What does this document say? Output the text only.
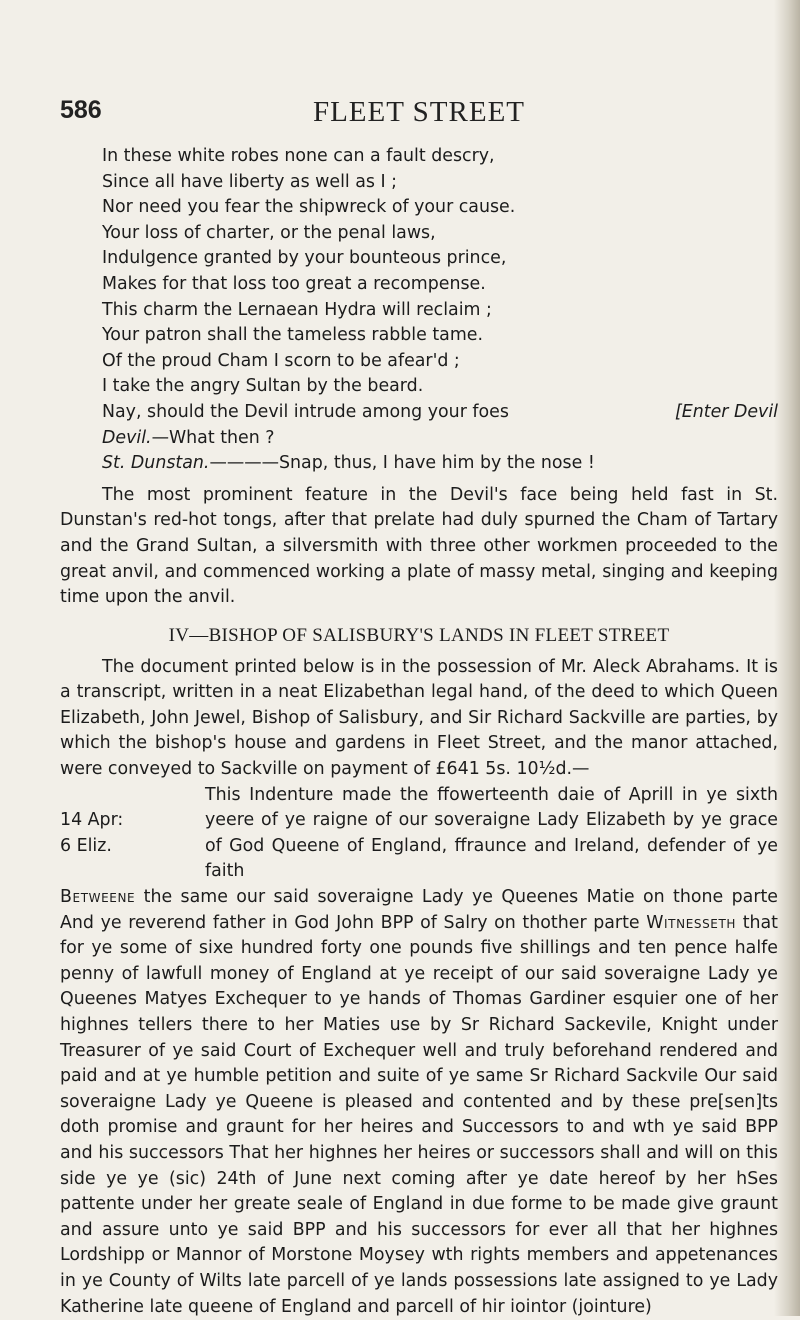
586	FLEET STREET
In these white robes none can a fault descry,
Since all have liberty as well as I ;
Nor need you fear the shipwreck of your cause.
Your loss of charter, or the penal laws,
Indulgence granted by your bounteous prince,
Makes for that loss too great a recompense.
This charm the Lernaean Hydra will reclaim ;
Your patron shall the tameless rabble tame.
Of the proud Cham I scorn to be afear'd ;
I take the angry Sultan by the beard.
Nay, should the Devil intrude among your foes	[Enter Devil
Devil.—What then ?
St. Dunstan.————Snap, thus, I have him by the nose !

The most prominent feature in the Devil's face being held fast in St. Dunstan's red-hot tongs, after that prelate had duly spurned the Cham of Tartary and the Grand Sultan, a silversmith with three other workmen proceeded to the great anvil, and commenced working a plate of massy metal, singing and keeping time upon the anvil.

IV—BISHOP OF SALISBURY'S LANDS IN FLEET STREET

The document printed below is in the possession of Mr. Aleck Abrahams. It is a transcript, written in a neat Elizabethan legal hand, of the deed to which Queen Elizabeth, John Jewel, Bishop of Salisbury, and Sir Richard Sackville are parties, by which the bishop's house and gardens in Fleet Street, and the manor attached, were conveyed to Sackville on payment of £641 5s. 10½d.—

14 Apr:
6 Eliz.

This Indenture made the ffowerteenth daie of Aprill in ye sixth yeere of ye raigne of our soveraigne Lady Elizabeth by ye grace of God Queene of England, ffraunce and Ireland, defender of ye faith

Betweene the same our said soveraigne Lady ye Queenes Matie on thone parte And ye reverend father in God John BPP of Salry on thother parte Witnesseth that for ye some of sixe hundred forty one pounds five shillings and ten pence halfe penny of lawfull money of England at ye receipt of our said soveraigne Lady ye Queenes Matyes Exchequer to ye hands of Thomas Gardiner esquier one of her highnes tellers there to her Maties use by Sr Richard Sackevile, Knight under Treasurer of ye said Court of Exchequer well and truly beforehand rendered and paid and at ye humble petition and suite of ye same Sr Richard Sackvile Our said soveraigne Lady ye Queene is pleased and contented and by these pre[sen]ts doth promise and graunt for her heires and Successors to and wth ye said BPP and his successors That her highnes her heires or successors shall and will on this side ye ye (sic) 24th of June next coming after ye date hereof by her hSes pattente under her greate seale of England in due forme to be made give graunt and assure unto ye said BPP and his successors for ever all that her highnes Lordshipp or Mannor of Morstone Moysey wth rights members and appetenances in ye County of Wilts late parcell of ye lands possessions late assigned to ye Lady Katherine late queene of England and parcell of hir iointor (jointure)
